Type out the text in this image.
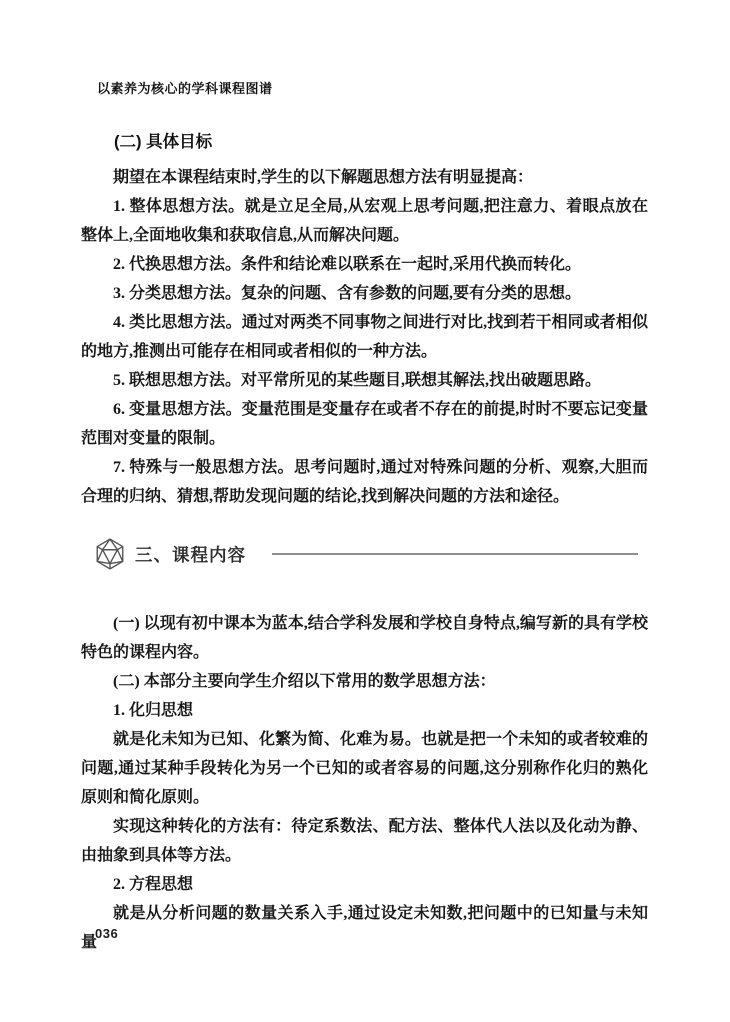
以素养为核心的学科课程图谱
(二) 具体目标

期望在本课程结束时,学生的以下解题思想方法有明显提高：

1. 整体思想方法。就是立足全局,从宏观上思考问题,把注意力、着眼点放在整体上,全面地收集和获取信息,从而解决问题。

2. 代换思想方法。条件和结论难以联系在一起时,采用代换而转化。

3. 分类思想方法。复杂的问题、含有参数的问题,要有分类的思想。

4. 类比思想方法。通过对两类不同事物之间进行对比,找到若干相同或者相似的地方,推测出可能存在相同或者相似的一种方法。

5. 联想思想方法。对平常所见的某些题目,联想其解法,找出破题思路。

6. 变量思想方法。变量范围是变量存在或者不存在的前提,时时不要忘记变量范围对变量的限制。

7. 特殊与一般思想方法。思考问题时,通过对特殊问题的分析、观察,大胆而合理的归纳、猜想,帮助发现问题的结论,找到解决问题的方法和途径。

三、课程内容

(一) 以现有初中课本为蓝本,结合学科发展和学校自身特点,编写新的具有学校特色的课程内容。

(二) 本部分主要向学生介绍以下常用的数学思想方法：

1. 化归思想

就是化未知为已知、化繁为简、化难为易。也就是把一个未知的或者较难的问题,通过某种手段转化为另一个已知的或者容易的问题,这分别称作化归的熟化原则和简化原则。

实现这种转化的方法有：待定系数法、配方法、整体代人法以及化动为静、由抽象到具体等方法。

2. 方程思想

就是从分析问题的数量关系入手,通过设定未知数,把问题中的已知量与未知量

036
